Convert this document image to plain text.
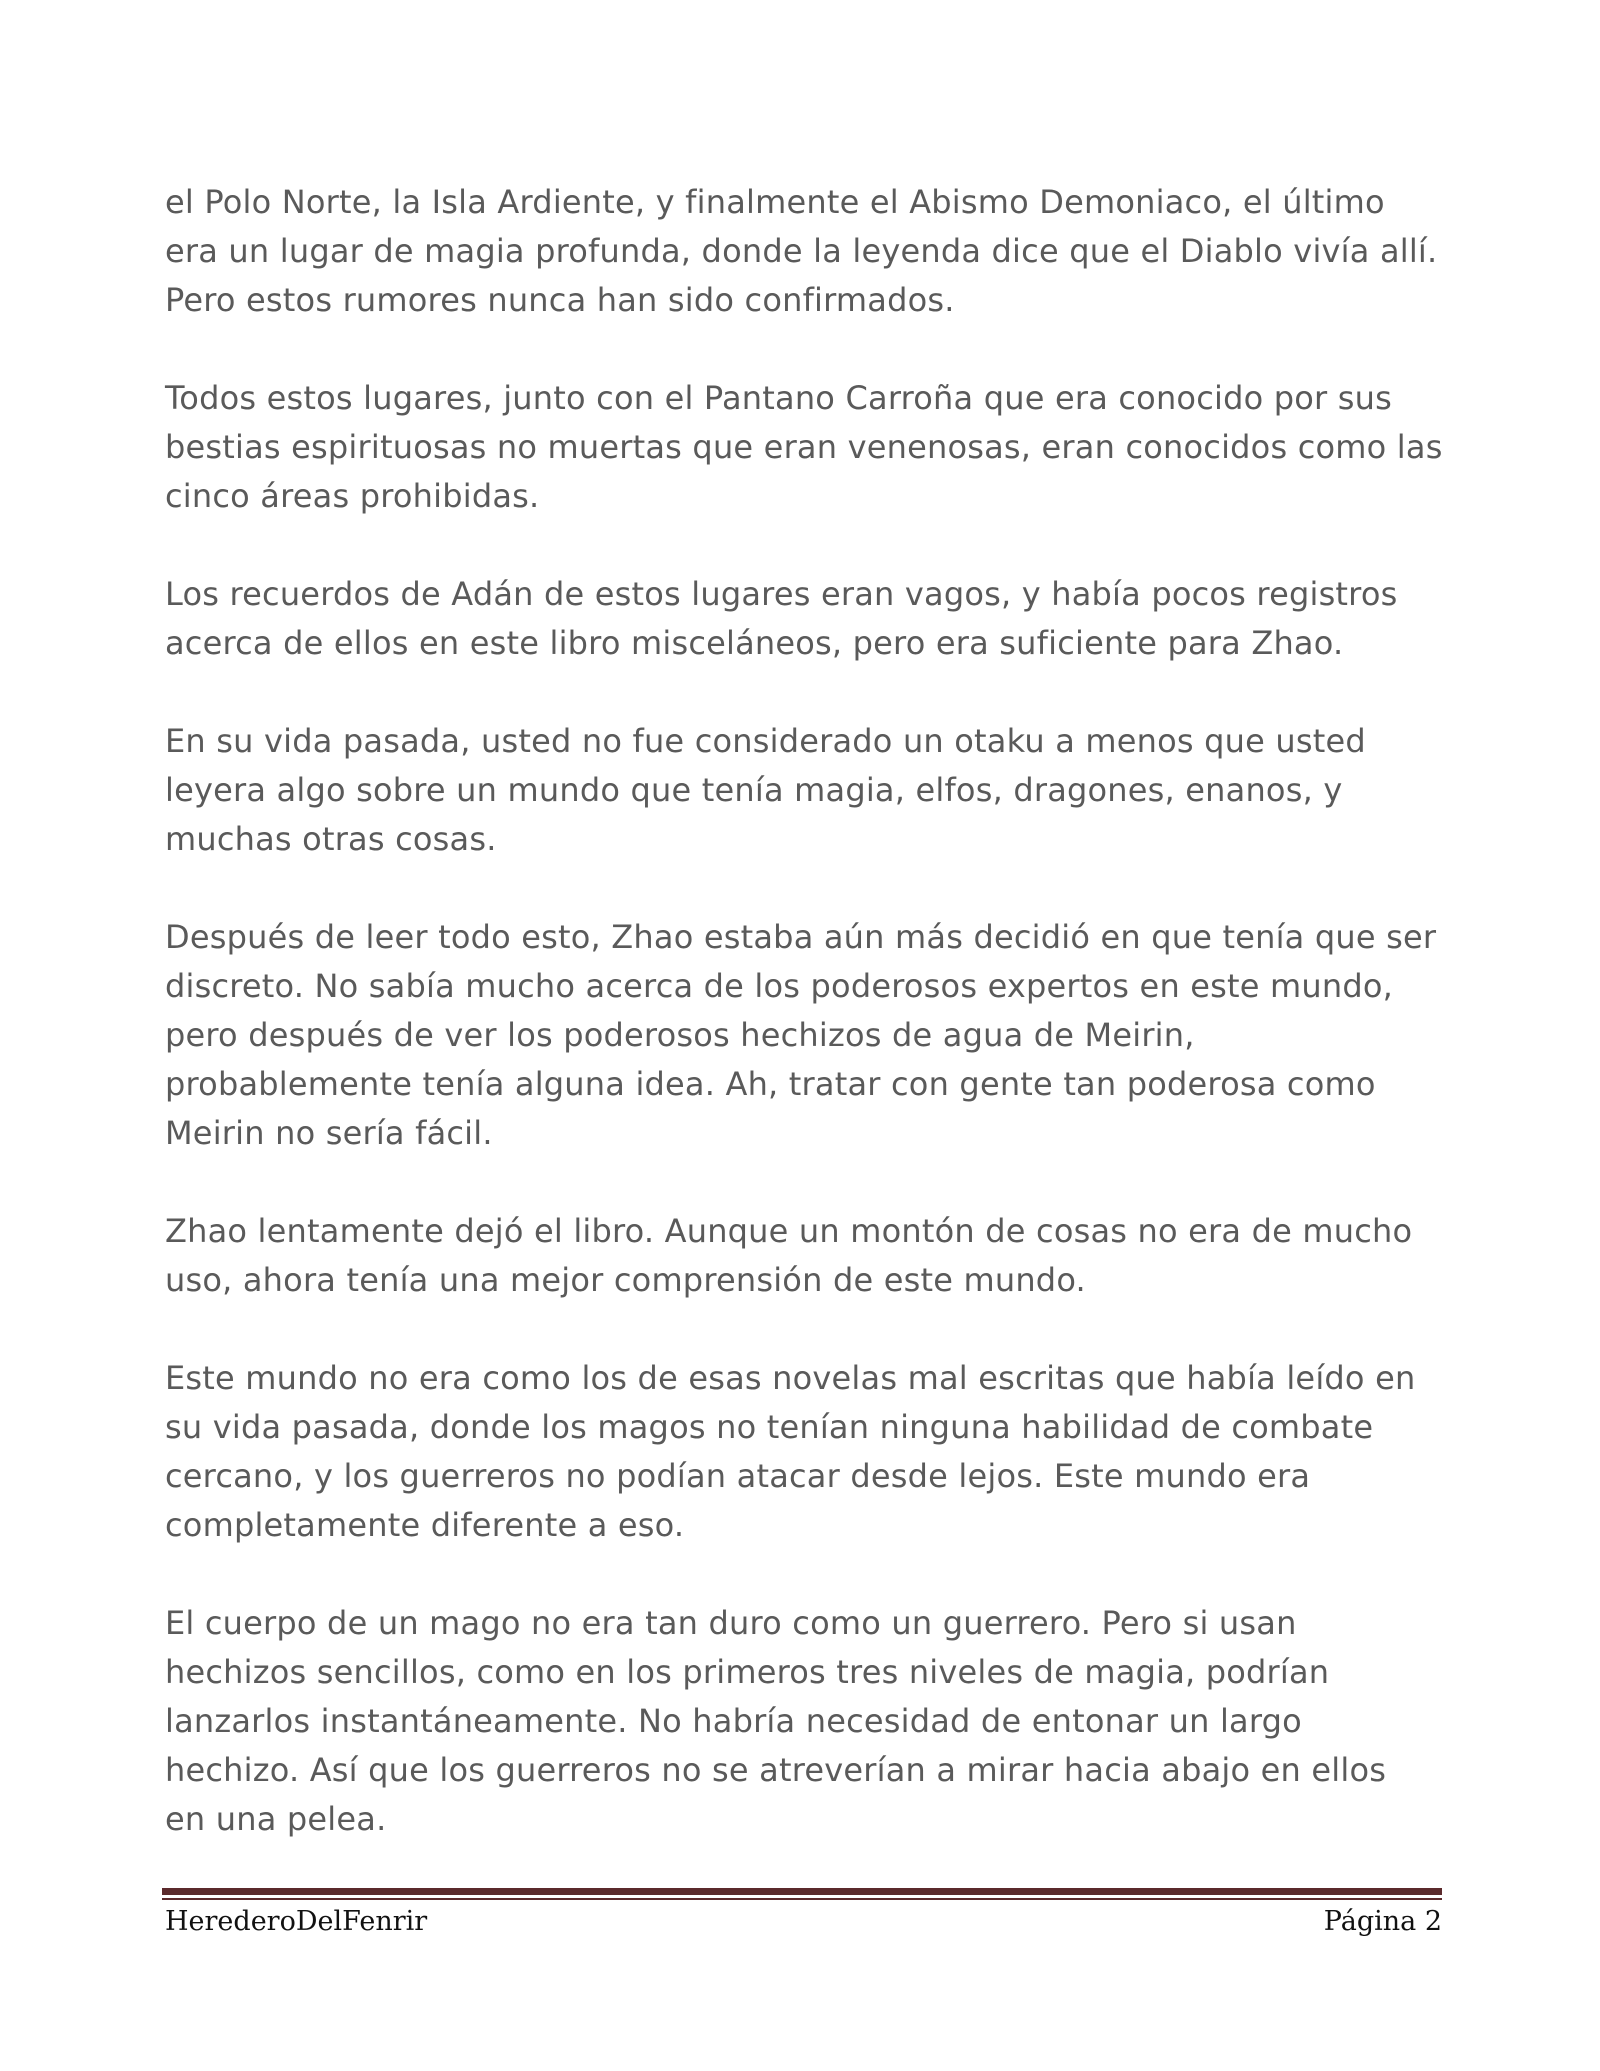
el Polo Norte, la Isla Ardiente, y finalmente el Abismo Demoniaco, el último
era un lugar de magia profunda, donde la leyenda dice que el Diablo vivía allí.
Pero estos rumores nunca han sido confirmados.

Todos estos lugares, junto con el Pantano Carroña que era conocido por sus
bestias espirituosas no muertas que eran venenosas, eran conocidos como las
cinco áreas prohibidas.

Los recuerdos de Adán de estos lugares eran vagos, y había pocos registros
acerca de ellos en este libro misceláneos, pero era suficiente para Zhao.

En su vida pasada, usted no fue considerado un otaku a menos que usted
leyera algo sobre un mundo que tenía magia, elfos, dragones, enanos, y
muchas otras cosas.

Después de leer todo esto, Zhao estaba aún más decidió en que tenía que ser
discreto. No sabía mucho acerca de los poderosos expertos en este mundo,
pero después de ver los poderosos hechizos de agua de Meirin,
probablemente tenía alguna idea. Ah, tratar con gente tan poderosa como
Meirin no sería fácil.

Zhao lentamente dejó el libro. Aunque un montón de cosas no era de mucho
uso, ahora tenía una mejor comprensión de este mundo.

Este mundo no era como los de esas novelas mal escritas que había leído en
su vida pasada, donde los magos no tenían ninguna habilidad de combate
cercano, y los guerreros no podían atacar desde lejos. Este mundo era
completamente diferente a eso.

El cuerpo de un mago no era tan duro como un guerrero. Pero si usan
hechizos sencillos, como en los primeros tres niveles de magia, podrían
lanzarlos instantáneamente. No habría necesidad de entonar un largo
hechizo. Así que los guerreros no se atreverían a mirar hacia abajo en ellos
en una pelea.

HerederoDelFenrir	Página 2
